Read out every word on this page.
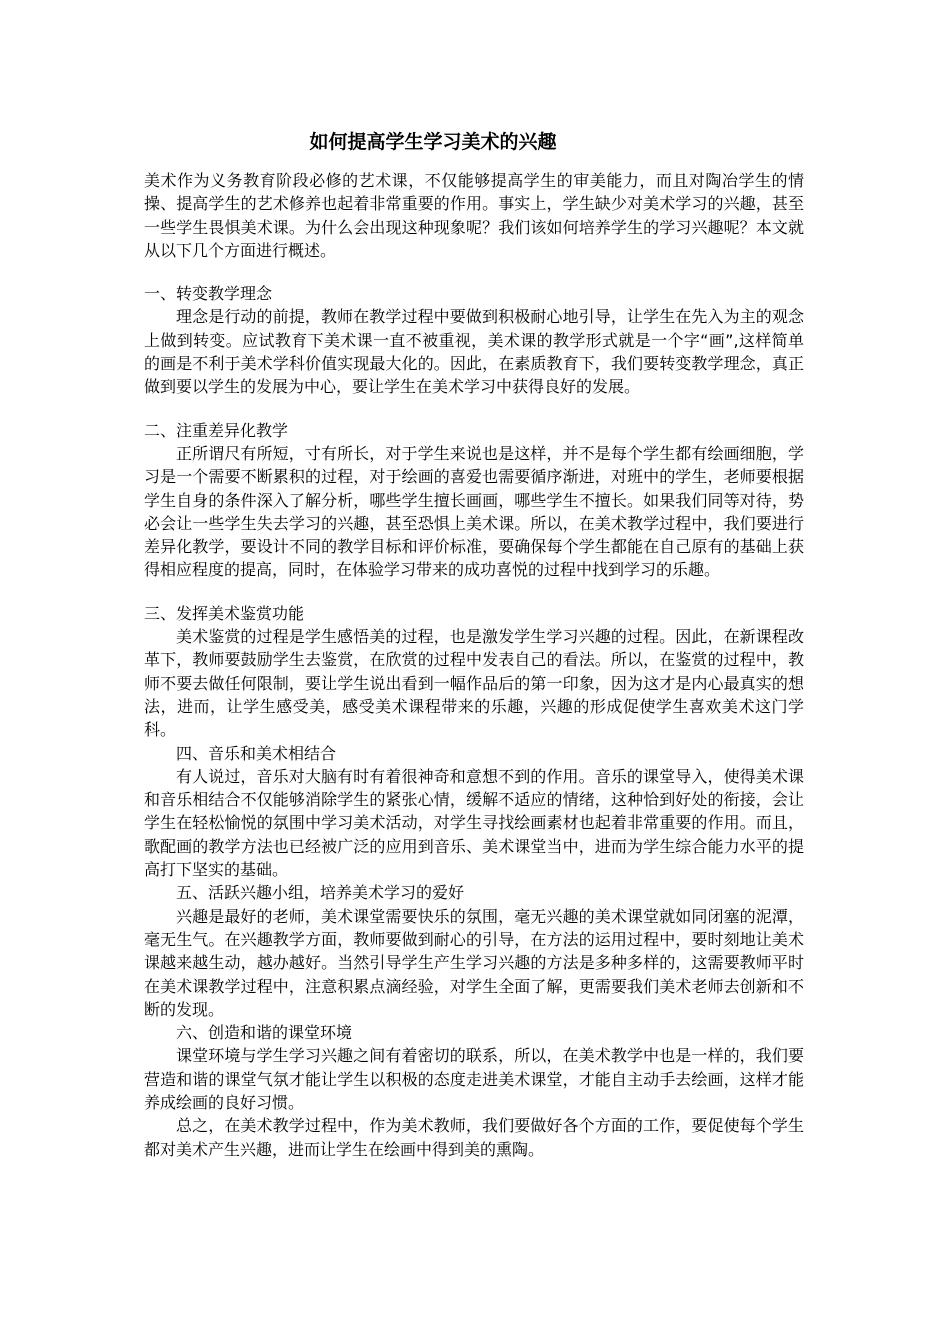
如何提高学生学习美术的兴趣

美术作为义务教育阶段必修的艺术课，不仅能够提高学生的审美能力，而且对陶冶学生的情操、提高学生的艺术修养也起着非常重要的作用。事实上，学生缺少对美术学习的兴趣，甚至一些学生畏惧美术课。为什么会出现这种现象呢？我们该如何培养学生的学习兴趣呢？本文就从以下几个方面进行概述。

一、转变教学理念

理念是行动的前提，教师在教学过程中要做到积极耐心地引导，让学生在先入为主的观念上做到转变。应试教育下美术课一直不被重视，美术课的教学形式就是一个字“画”,这样简单的画是不利于美术学科价值实现最大化的。因此，在素质教育下，我们要转变教学理念，真正做到要以学生的发展为中心，要让学生在美术学习中获得良好的发展。

二、注重差异化教学

正所谓尺有所短，寸有所长，对于学生来说也是这样，并不是每个学生都有绘画细胞，学习是一个需要不断累积的过程，对于绘画的喜爱也需要循序渐进，对班中的学生，老师要根据学生自身的条件深入了解分析，哪些学生擅长画画，哪些学生不擅长。如果我们同等对待，势必会让一些学生失去学习的兴趣，甚至恐惧上美术课。所以，在美术教学过程中，我们要进行差异化教学，要设计不同的教学目标和评价标准，要确保每个学生都能在自己原有的基础上获得相应程度的提高，同时，在体验学习带来的成功喜悦的过程中找到学习的乐趣。

三、发挥美术鉴赏功能

美术鉴赏的过程是学生感悟美的过程，也是激发学生学习兴趣的过程。因此，在新课程改革下，教师要鼓励学生去鉴赏，在欣赏的过程中发表自己的看法。所以，在鉴赏的过程中，教师不要去做任何限制，要让学生说出看到一幅作品后的第一印象，因为这才是内心最真实的想法，进而，让学生感受美，感受美术课程带来的乐趣，兴趣的形成促使学生喜欢美术这门学科。

四、音乐和美术相结合

有人说过，音乐对大脑有时有着很神奇和意想不到的作用。音乐的课堂导入，使得美术课和音乐相结合不仅能够消除学生的紧张心情，缓解不适应的情绪，这种恰到好处的衔接，会让学生在轻松愉悦的氛围中学习美术活动，对学生寻找绘画素材也起着非常重要的作用。而且，歌配画的教学方法也已经被广泛的应用到音乐、美术课堂当中，进而为学生综合能力水平的提高打下坚实的基础。

五、活跃兴趣小组，培养美术学习的爱好

兴趣是最好的老师，美术课堂需要快乐的氛围，毫无兴趣的美术课堂就如同闭塞的泥潭，毫无生气。在兴趣教学方面，教师要做到耐心的引导，在方法的运用过程中，要时刻地让美术课越来越生动，越办越好。当然引导学生产生学习兴趣的方法是多种多样的，这需要教师平时在美术课教学过程中，注意积累点滴经验，对学生全面了解，更需要我们美术老师去创新和不断的发现。

六、创造和谐的课堂环境

课堂环境与学生学习兴趣之间有着密切的联系，所以，在美术教学中也是一样的，我们要营造和谐的课堂气氛才能让学生以积极的态度走进美术课堂，才能自主动手去绘画，这样才能养成绘画的良好习惯。

总之，在美术教学过程中，作为美术教师，我们要做好各个方面的工作，要促使每个学生都对美术产生兴趣，进而让学生在绘画中得到美的熏陶。
